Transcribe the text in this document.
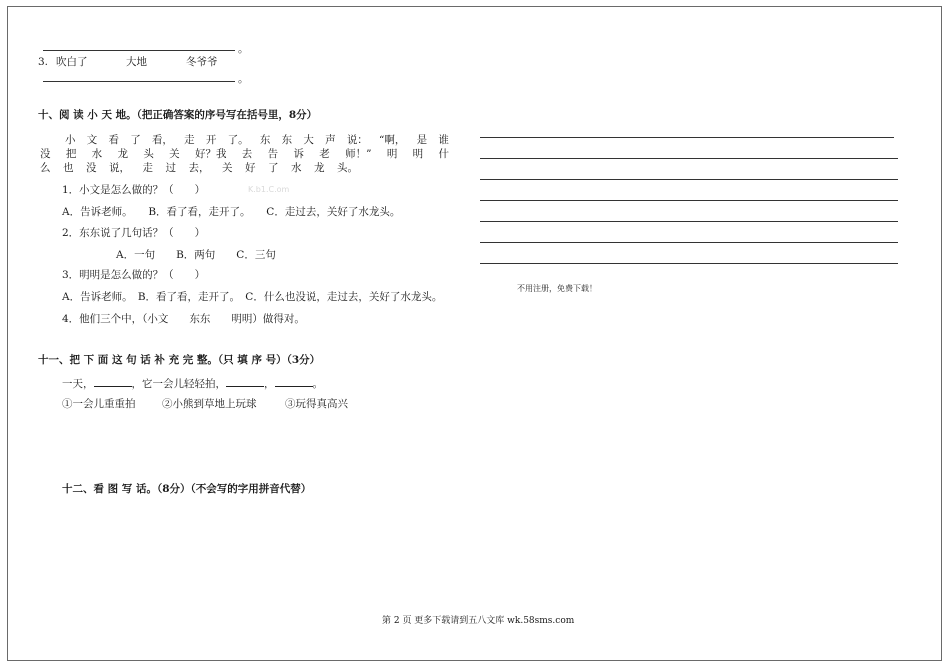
。
3. 吹白了	大地	冬爷爷
。
十、阅 读 小 天 地。（把正确答案的序号写在括号里，8分）
小 文 看 了 看， 走 开 了。 东 东 大 声 说： “啊， 是 谁
没 把 水 龙 头 关 好？我 去 告 诉 老 师！” 明 明 什
么 也 没 说， 走 过 去， 关 好 了 水 龙 头。
1．小文是怎么做的？（　　）	K.b1.C.om
A．告诉老师。　　B．看了看，走开了。　　C．走过去，关好了水龙头。
2．东东说了几句话？（　　）
A．一句　　B．两句　　C．三句
3．明明是怎么做的？（　　）
A．告诉老师。　B．看了看，走开了。　C．什么也没说，走过去，关好了水龙头。
4．他们三个中，（小文　　东东　　明明）做得对。
不用注册，免费下载！
十一、把 下 面 这 句 话 补 充 完 整。（只 填 序 号）（3分）
一天，	，它一会儿轻轻拍，	，	。
①一会儿重重拍	②小熊到草地上玩球	③玩得真高兴
十二、看 图 写 话。（8分）（不会写的字用拼音代替）
第 2 页 更多下载请到五八文库 wk.58sms.com
